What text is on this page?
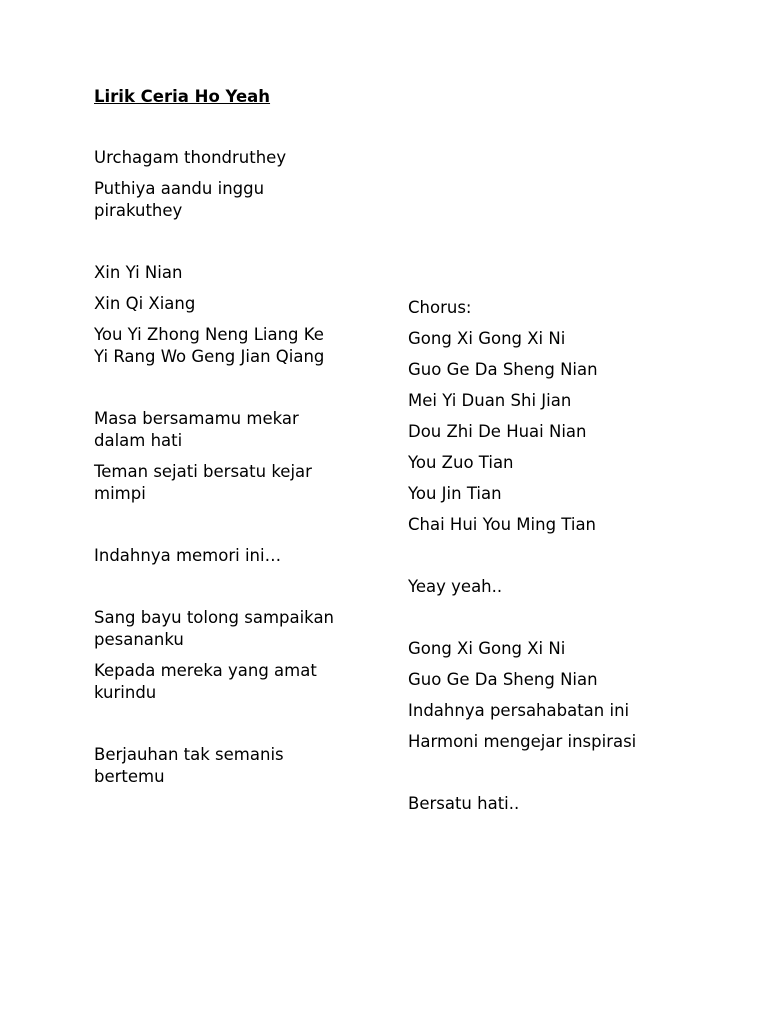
Lirik Ceria Ho Yeah

Urchagam thondruthey

Puthiya aandu inggu
pirakuthey

Xin Yi Nian

Xin Qi Xiang

You Yi Zhong Neng Liang Ke
Yi Rang Wo Geng Jian Qiang

Masa bersamamu mekar
dalam hati

Teman sejati bersatu kejar
mimpi

Indahnya memori ini…

Sang bayu tolong sampaikan
pesananku

Kepada mereka yang amat
kurindu

Berjauhan tak semanis
bertemu

Chorus:

Gong Xi Gong Xi Ni

Guo Ge Da Sheng Nian

Mei Yi Duan Shi Jian

Dou Zhi De Huai Nian

You Zuo Tian

You Jin Tian

Chai Hui You Ming Tian

Yeay yeah..

Gong Xi Gong Xi Ni

Guo Ge Da Sheng Nian

Indahnya persahabatan ini

Harmoni mengejar inspirasi

Bersatu hati..
